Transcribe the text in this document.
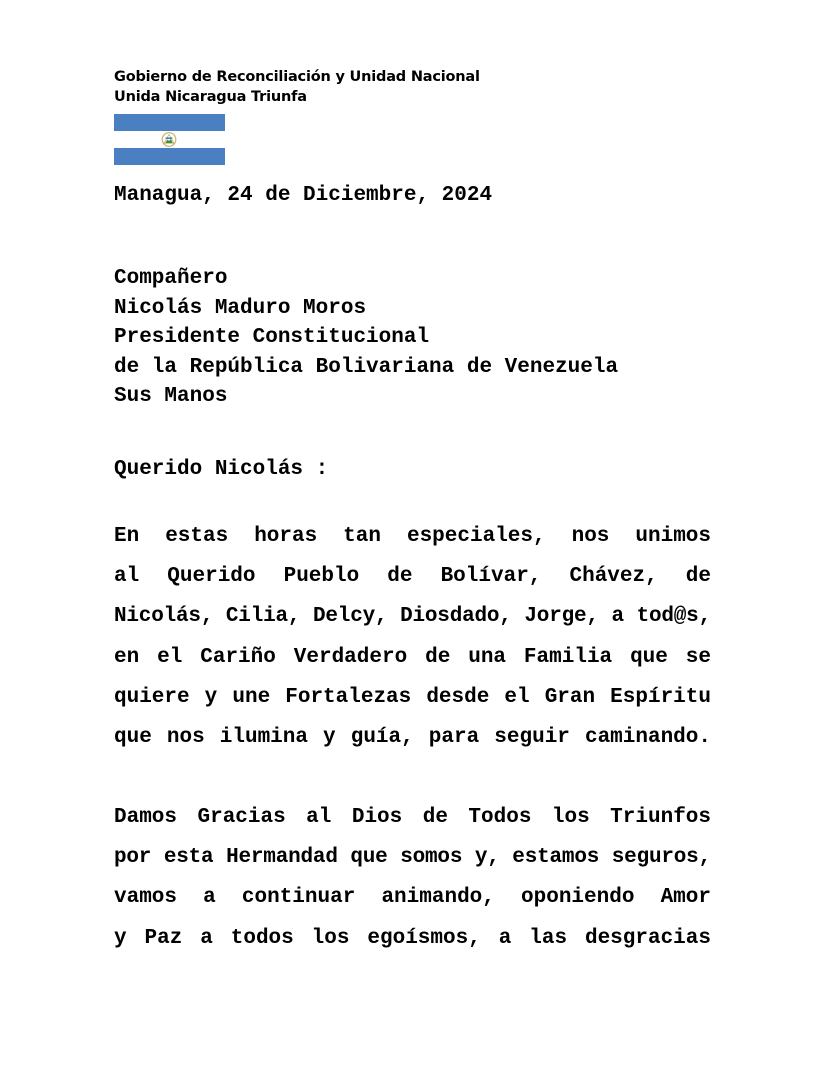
Gobierno de Reconciliación y Unidad Nacional
Unida Nicaragua Triunfa
Managua, 24 de Diciembre, 2024
Compañero
Nicolás Maduro Moros
Presidente Constitucional
de la República Bolivariana de Venezuela
Sus Manos
Querido Nicolás :
En estas horas tan especiales, nos unimos
al Querido Pueblo de Bolívar, Chávez, de
Nicolás, Cilia, Delcy, Diosdado, Jorge, a tod@s,
en el Cariño Verdadero de una Familia que se
quiere y une Fortalezas desde el Gran Espíritu
que nos ilumina y guía, para seguir caminando.
Damos Gracias al Dios de Todos los Triunfos
por esta Hermandad que somos y, estamos seguros,
vamos a continuar animando, oponiendo Amor
y Paz a todos los egoísmos, a las desgracias
